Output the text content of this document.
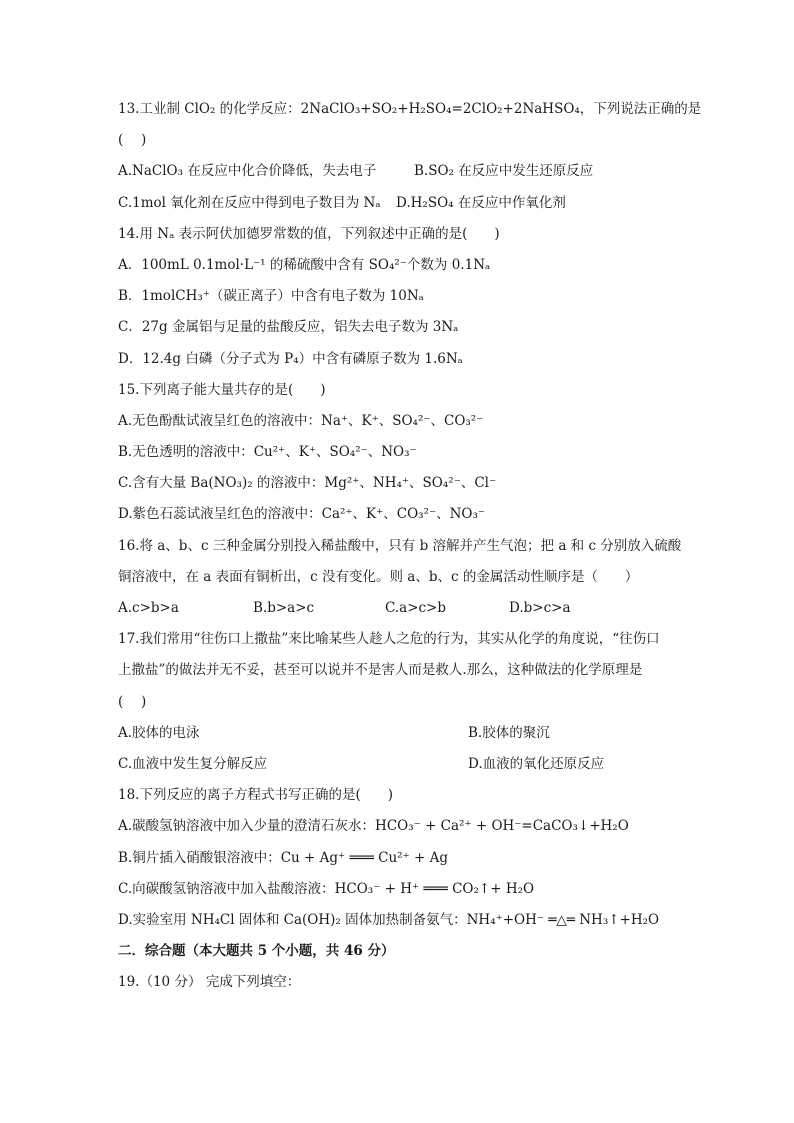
13.工业制 ClO₂ 的化学反应：2NaClO₃+SO₂+H₂SO₄=2ClO₂+2NaHSO₄，下列说法正确的是
(　 )
A.NaClO₃ 在反应中化合价降低，失去电子	B.SO₂ 在反应中发生还原反应
C.1mol 氧化剂在反应中得到电子数目为 Nₐ	D.H₂SO₄ 在反应中作氧化剂
14.用 Nₐ 表示阿伏加德罗常数的值，下列叙述中正确的是(　　)
A．100mL 0.1mol·L⁻¹ 的稀硫酸中含有 SO₄²⁻个数为 0.1Nₐ
B．1molCH₃⁺（碳正离子）中含有电子数为 10Nₐ
C．27g 金属铝与足量的盐酸反应，铝失去电子数为 3Nₐ
D．12.4g 白磷（分子式为 P₄）中含有磷原子数为 1.6Nₐ
15.下列离子能大量共存的是(　　)
A.无色酚酞试液呈红色的溶液中：Na⁺、K⁺、SO₄²⁻、CO₃²⁻
B.无色透明的溶液中：Cu²⁺、K⁺、SO₄²⁻、NO₃⁻
C.含有大量 Ba(NO₃)₂ 的溶液中：Mg²⁺、NH₄⁺、SO₄²⁻、Cl⁻
D.紫色石蕊试液呈红色的溶液中：Ca²⁺、K⁺、CO₃²⁻、NO₃⁻
16.将 a、b、c 三种金属分别投入稀盐酸中，只有 b 溶解并产生气泡；把 a 和 c 分别放入硫酸
铜溶液中，在 a 表面有铜析出，c 没有变化。则 a、b、c 的金属活动性顺序是（　　）
A.c>b>a	B.b>a>c	C.a>c>b	D.b>c>a
17.我们常用“往伤口上撒盐”来比喻某些人趁人之危的行为，其实从化学的角度说，“往伤口
上撒盐”的做法并无不妥，甚至可以说并不是害人而是救人.那么，这种做法的化学原理是
(　 )
A.胶体的电泳	B.胶体的聚沉
C.血液中发生复分解反应	D.血液的氧化还原反应
18.下列反应的离子方程式书写正确的是(　　)
A.碳酸氢钠溶液中加入少量的澄清石灰水：HCO₃⁻ + Ca²⁺ + OH⁻=CaCO₃↓+H₂O
B.铜片插入硝酸银溶液中：Cu + Ag⁺ ═══ Cu²⁺ + Ag
C.向碳酸氢钠溶液中加入盐酸溶液：HCO₃⁻ + H⁺ ═══ CO₂↑+ H₂O
D.实验室用 NH₄Cl 固体和 Ca(OH)₂ 固体加热制备氨气：NH₄⁺+OH⁻ ═△═ NH₃↑+H₂O
二．综合题（本大题共 5 个小题，共 46 分）
19.（10 分） 完成下列填空：
